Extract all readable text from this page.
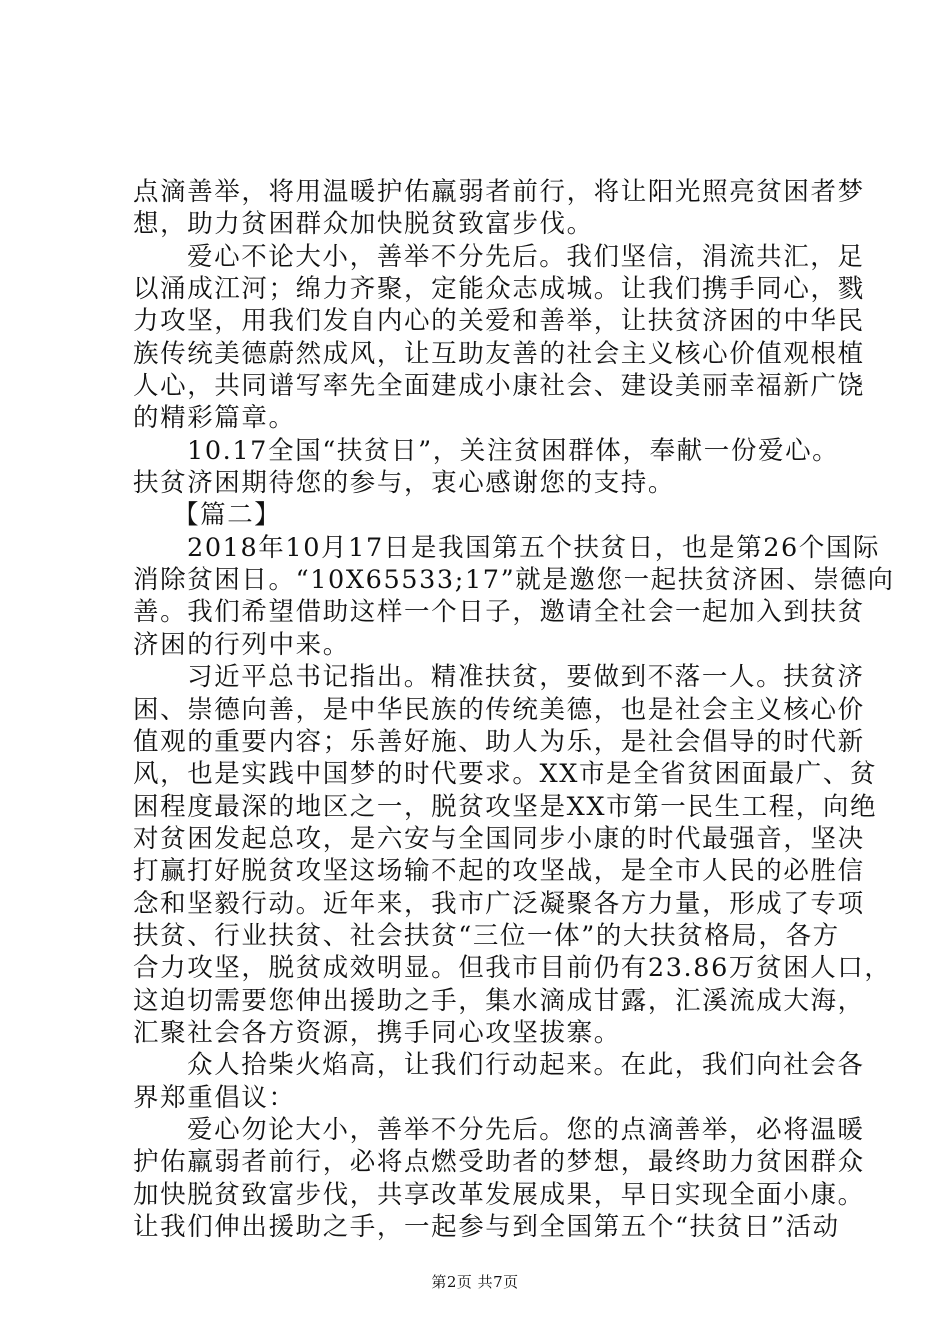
点滴善举，将用温暖护佑羸弱者前行，将让阳光照亮贫困者梦
想，助力贫困群众加快脱贫致富步伐。
爱心不论大小，善举不分先后。我们坚信，涓流共汇，足
以涌成江河；绵力齐聚，定能众志成城。让我们携手同心，戮
力攻坚，用我们发自内心的关爱和善举，让扶贫济困的中华民
族传统美德蔚然成风，让互助友善的社会主义核心价值观根植
人心，共同谱写率先全面建成小康社会、建设美丽幸福新广饶
的精彩篇章。
10.17全国“扶贫日”，关注贫困群体，奉献一份爱心。
扶贫济困期待您的参与，衷心感谢您的支持。
【篇二】
2018年10月17日是我国第五个扶贫日，也是第26个国际
消除贫困日。“10X65533;17”就是邀您一起扶贫济困、崇德向
善。我们希望借助这样一个日子，邀请全社会一起加入到扶贫
济困的行列中来。
习近平总书记指出。精准扶贫，要做到不落一人。扶贫济
困、崇德向善，是中华民族的传统美德，也是社会主义核心价
值观的重要内容；乐善好施、助人为乐，是社会倡导的时代新
风，也是实践中国梦的时代要求。XX市是全省贫困面最广、贫
困程度最深的地区之一，脱贫攻坚是XX市第一民生工程，向绝
对贫困发起总攻，是六安与全国同步小康的时代最强音，坚决
打赢打好脱贫攻坚这场输不起的攻坚战，是全市人民的必胜信
念和坚毅行动。近年来，我市广泛凝聚各方力量，形成了专项
扶贫、行业扶贫、社会扶贫“三位一体”的大扶贫格局，各方
合力攻坚，脱贫成效明显。但我市目前仍有23.86万贫困人口，
这迫切需要您伸出援助之手，集水滴成甘露，汇溪流成大海，
汇聚社会各方资源，携手同心攻坚拔寨。
众人拾柴火焰高，让我们行动起来。在此，我们向社会各
界郑重倡议：
爱心勿论大小，善举不分先后。您的点滴善举，必将温暖
护佑羸弱者前行，必将点燃受助者的梦想，最终助力贫困群众
加快脱贫致富步伐，共享改革发展成果，早日实现全面小康。
让我们伸出援助之手，一起参与到全国第五个“扶贫日”活动
第2页 共7页
